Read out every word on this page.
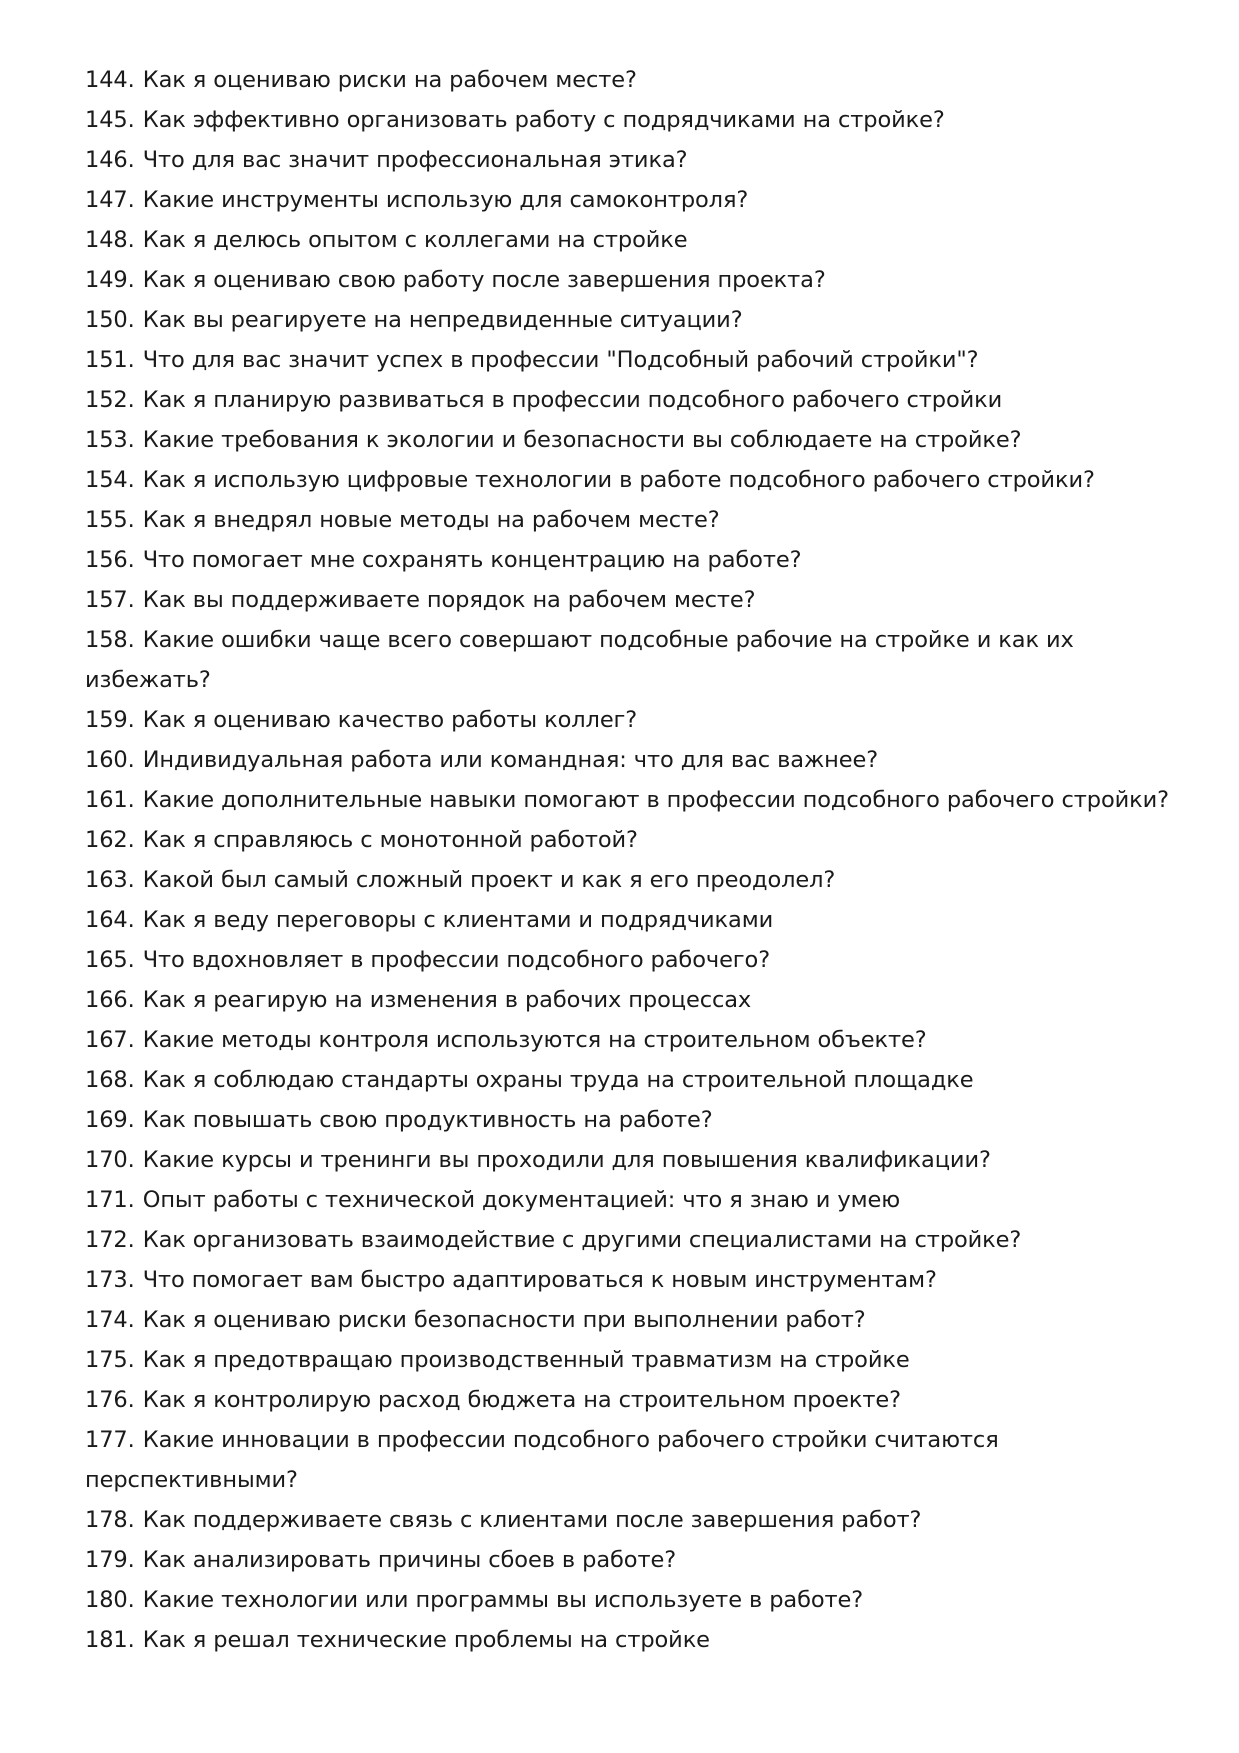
144. Как я оцениваю риски на рабочем месте?
145. Как эффективно организовать работу с подрядчиками на стройке?
146. Что для вас значит профессиональная этика?
147. Какие инструменты использую для самоконтроля?
148. Как я делюсь опытом с коллегами на стройке
149. Как я оцениваю свою работу после завершения проекта?
150. Как вы реагируете на непредвиденные ситуации?
151. Что для вас значит успех в профессии "Подсобный рабочий стройки"?
152. Как я планирую развиваться в профессии подсобного рабочего стройки
153. Какие требования к экологии и безопасности вы соблюдаете на стройке?
154. Как я использую цифровые технологии в работе подсобного рабочего стройки?
155. Как я внедрял новые методы на рабочем месте?
156. Что помогает мне сохранять концентрацию на работе?
157. Как вы поддерживаете порядок на рабочем месте?
158. Какие ошибки чаще всего совершают подсобные рабочие на стройке и как их избежать?
159. Как я оцениваю качество работы коллег?
160. Индивидуальная работа или командная: что для вас важнее?
161. Какие дополнительные навыки помогают в профессии подсобного рабочего стройки?
162. Как я справляюсь с монотонной работой?
163. Какой был самый сложный проект и как я его преодолел?
164. Как я веду переговоры с клиентами и подрядчиками
165. Что вдохновляет в профессии подсобного рабочего?
166. Как я реагирую на изменения в рабочих процессах
167. Какие методы контроля используются на строительном объекте?
168. Как я соблюдаю стандарты охраны труда на строительной площадке
169. Как повышать свою продуктивность на работе?
170. Какие курсы и тренинги вы проходили для повышения квалификации?
171. Опыт работы с технической документацией: что я знаю и умею
172. Как организовать взаимодействие с другими специалистами на стройке?
173. Что помогает вам быстро адаптироваться к новым инструментам?
174. Как я оцениваю риски безопасности при выполнении работ?
175. Как я предотвращаю производственный травматизм на стройке
176. Как я контролирую расход бюджета на строительном проекте?
177. Какие инновации в профессии подсобного рабочего стройки считаются перспективными?
178. Как поддерживаете связь с клиентами после завершения работ?
179. Как анализировать причины сбоев в работе?
180. Какие технологии или программы вы используете в работе?
181. Как я решал технические проблемы на стройке
